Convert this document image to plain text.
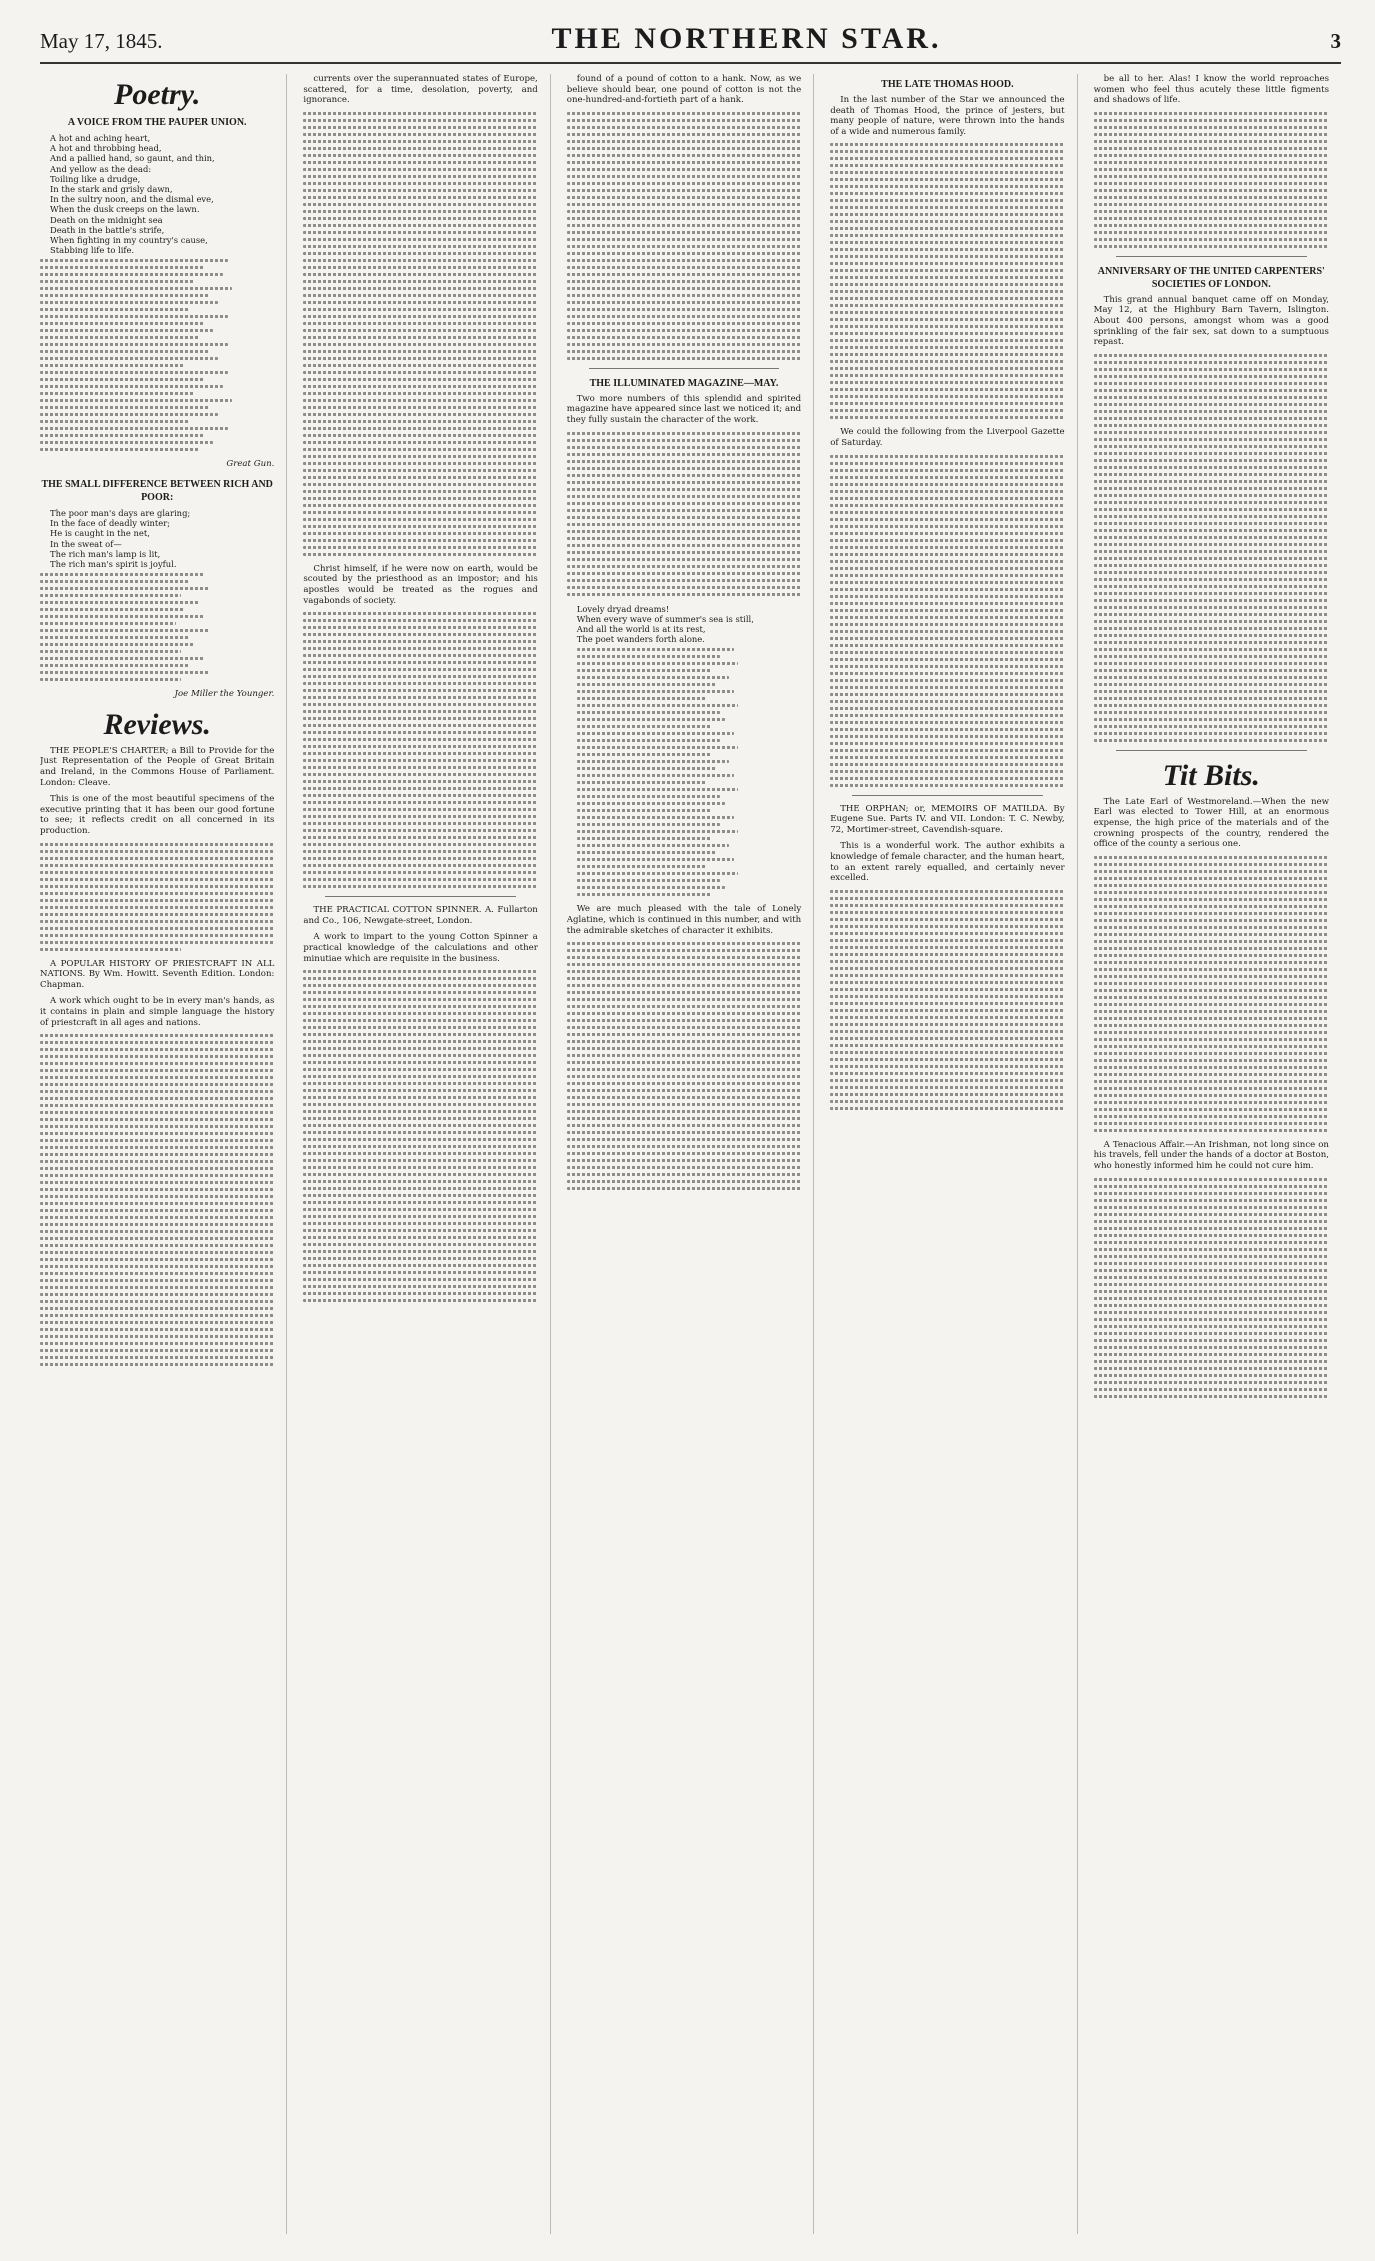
May 17, 1845.	THE NORTHERN STAR.	3
Poetry.
A VOICE FROM THE PAUPER UNION.

A hot and aching heart,

A hot and throbbing head,

And a pallied hand, so gaunt, and thin,

And yellow as the dead:

Toiling like a drudge,

In the stark and grisly dawn,

In the sultry noon, and the dismal eve,

When the dusk creeps on the lawn.

Death on the midnight sea

Death in the battle's strife,

When fighting in my country's cause,

Stabbing life to life.

Great Gun.
THE SMALL DIFFERENCE BETWEEN RICH AND POOR:

The poor man's days are glaring;

In the face of deadly winter;

He is caught in the net,

In the sweat of—

The rich man's lamp is lit,

The rich man's spirit is joyful.

Joe Miller the Younger.
Reviews.

THE PEOPLE'S CHARTER; a Bill to Provide for the Just Representation of the People of Great Britain and Ireland, in the Commons House of Parliament. London: Cleave.

This is one of the most beautiful specimens of the executive printing that it has been our good fortune to see; it reflects credit on all concerned in its production.

A POPULAR HISTORY OF PRIESTCRAFT IN ALL NATIONS. By Wm. Howitt. Seventh Edition. London: Chapman.

A work which ought to be in every man's hands, as it contains in plain and simple language the history of priestcraft in all ages and nations.

currents over the superannuated states of Europe, scattered, for a time, desolation, poverty, and ignorance.

Christ himself, if he were now on earth, would be scouted by the priesthood as an impostor; and his apostles would be treated as the rogues and vagabonds of society.

THE PRACTICAL COTTON SPINNER. A. Fullarton and Co., 106, Newgate-street, London.

A work to impart to the young Cotton Spinner a practical knowledge of the calculations and other minutiae which are requisite in the business.

found of a pound of cotton to a hank. Now, as we believe should bear, one pound of cotton is not the one-hundred-and-fortieth part of a hank.

THE ILLUMINATED MAGAZINE—MAY.

Two more numbers of this splendid and spirited magazine have appeared since last we noticed it; and they fully sustain the character of the work.

Lovely dryad dreams!

When every wave of summer's sea is still,

And all the world is at its rest,

The poet wanders forth alone.

We are much pleased with the tale of Lonely Aglatine, which is continued in this number, and with the admirable sketches of character it exhibits.

THE LATE THOMAS HOOD.

In the last number of the Star we announced the death of Thomas Hood, the prince of jesters, but many people of nature, were thrown into the hands of a wide and numerous family.

We could the following from the Liverpool Gazette of Saturday.

THE ORPHAN; or, MEMOIRS OF MATILDA. By Eugene Sue. Parts IV. and VII. London: T. C. Newby, 72, Mortimer-street, Cavendish-square.

This is a wonderful work. The author exhibits a knowledge of female character, and the human heart, to an extent rarely equalled, and certainly never excelled.

be all to her. Alas! I know the world reproaches women who feel thus acutely these little figments and shadows of life.

ANNIVERSARY OF THE UNITED CARPENTERS' SOCIETIES OF LONDON.

This grand annual banquet came off on Monday, May 12, at the Highbury Barn Tavern, Islington. About 400 persons, amongst whom was a good sprinkling of the fair sex, sat down to a sumptuous repast.

Tit Bits.

The Late Earl of Westmoreland.—When the new Earl was elected to Tower Hill, at an enormous expense, the high price of the materials and of the crowning prospects of the country, rendered the office of the county a serious one.

A Tenacious Affair.—An Irishman, not long since on his travels, fell under the hands of a doctor at Boston, who honestly informed him he could not cure him.
